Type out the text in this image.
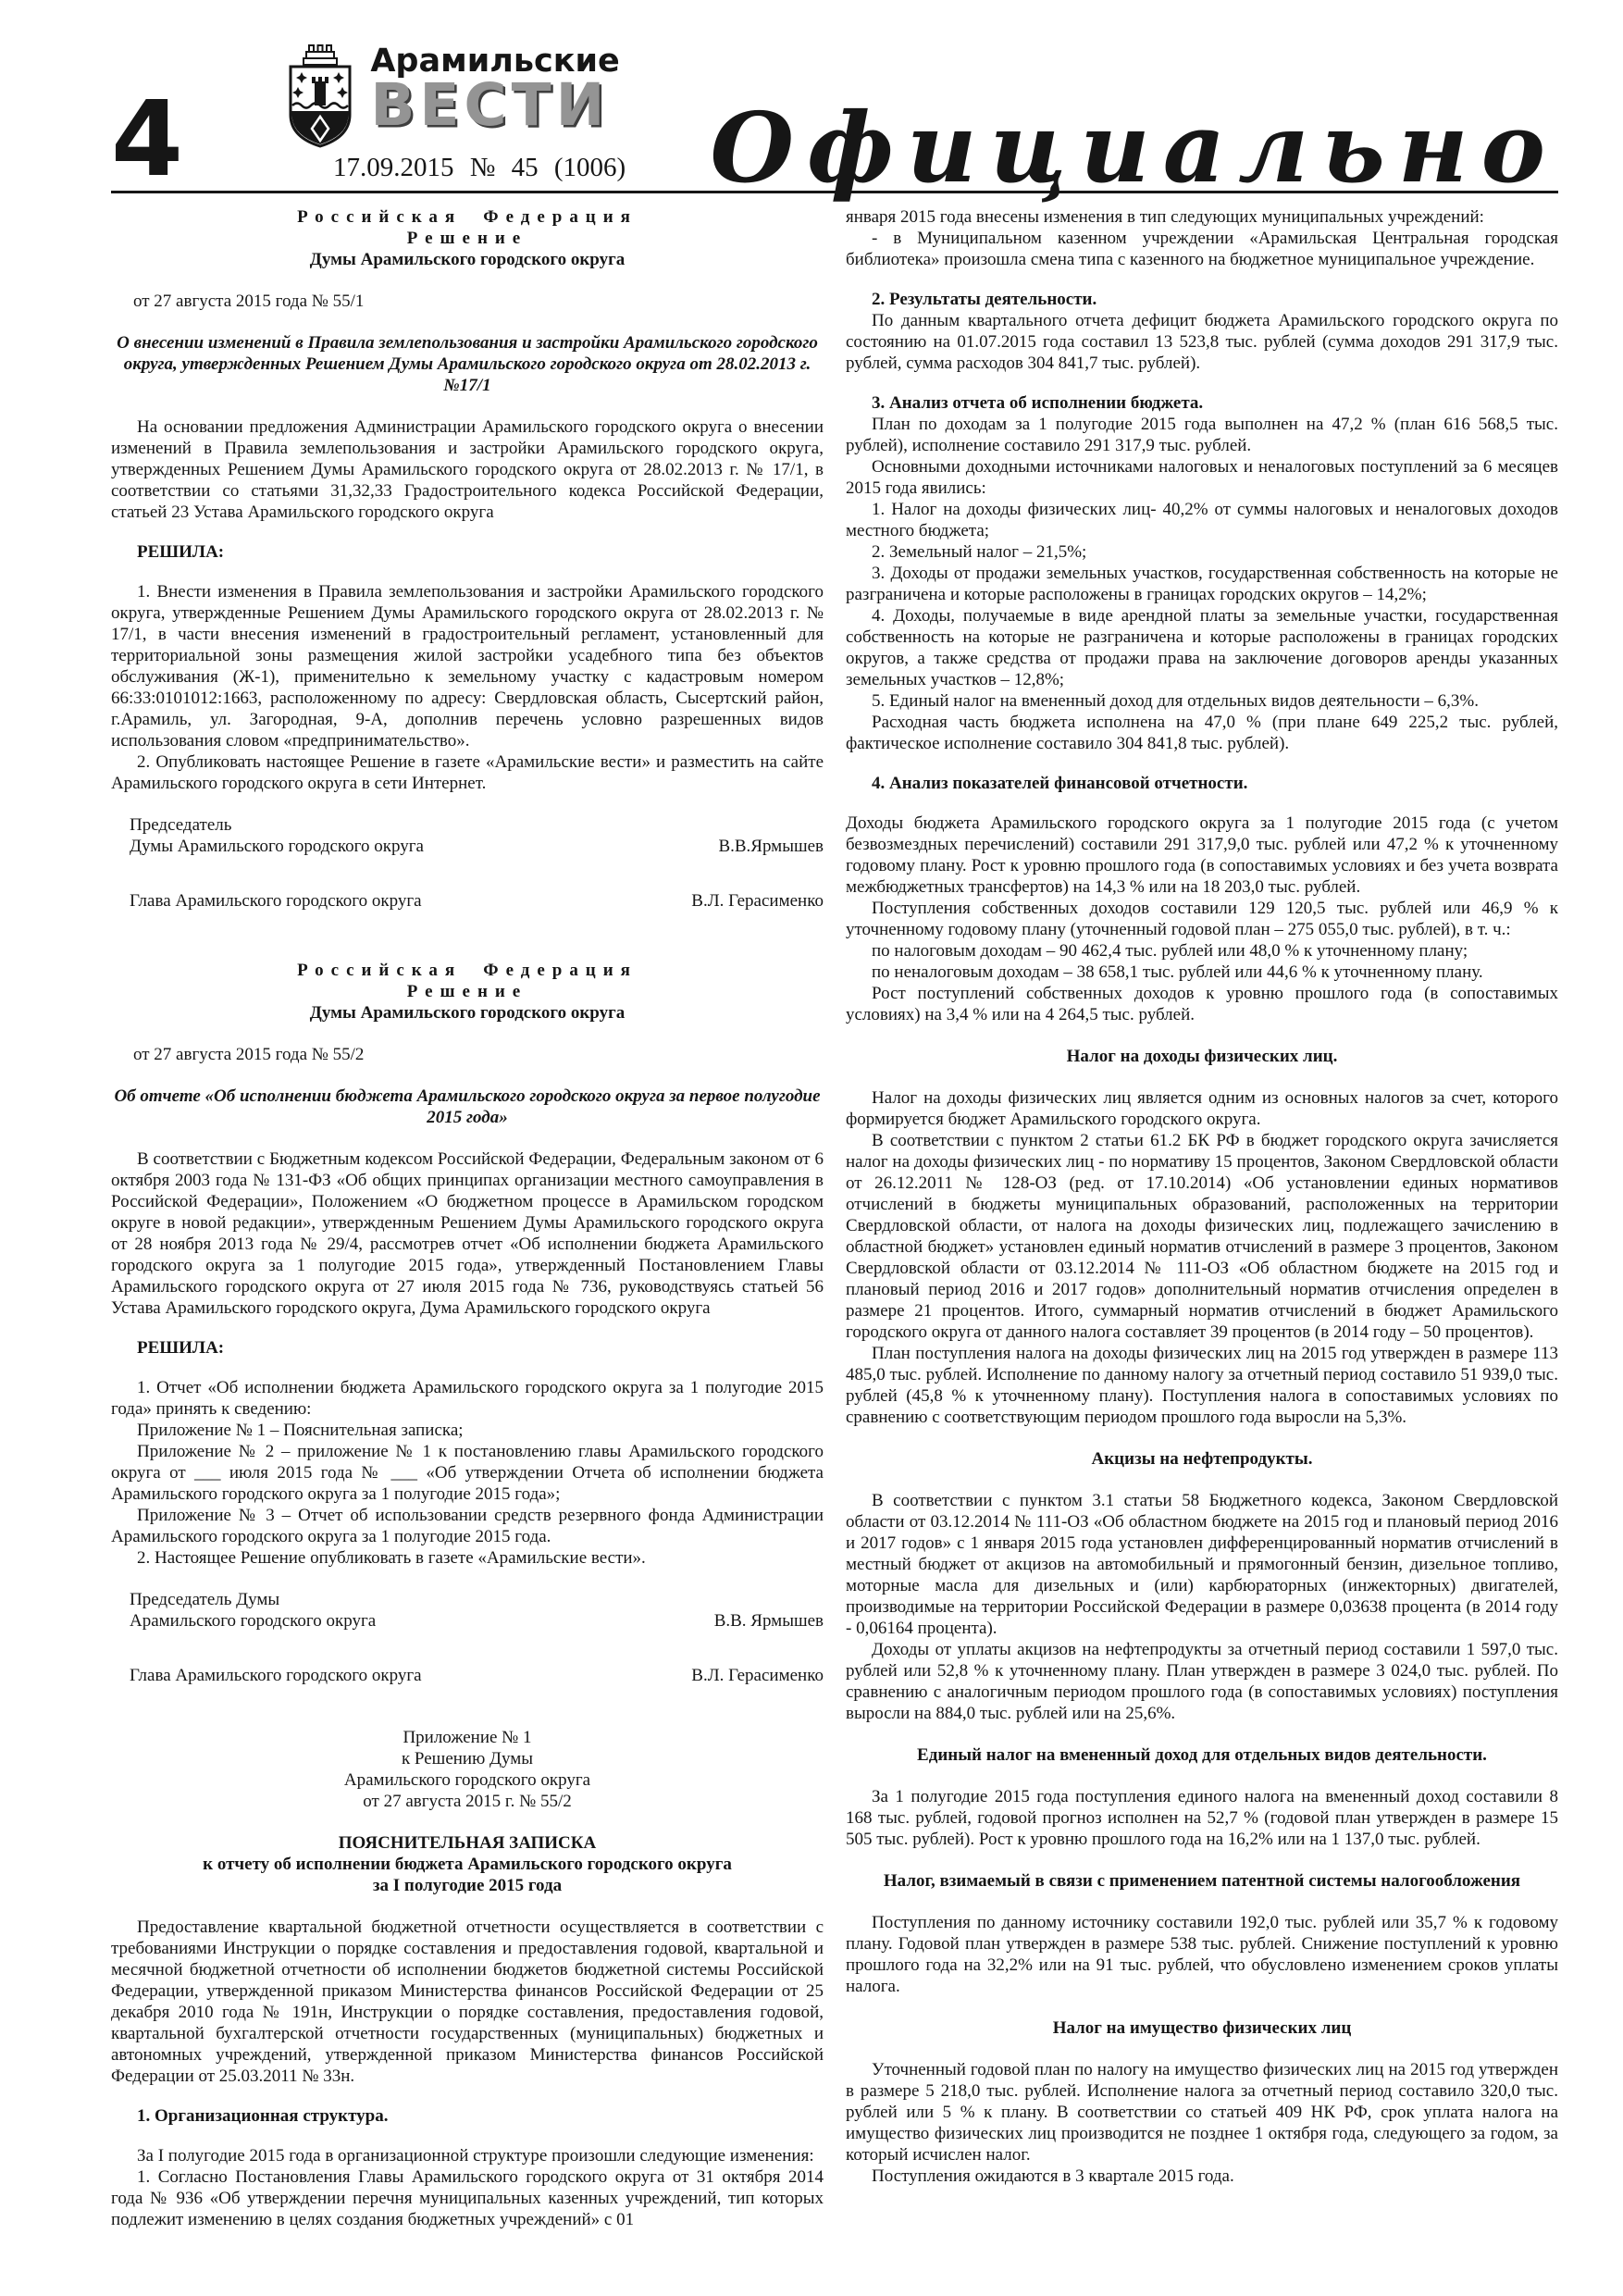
4
Арамильские
ВЕСТИ
17.09.2015 № 45 (1006) Официально
Российская Федерация
Решение
Думы Арамильского городского округа
от 27 августа 2015 года № 55/1
О внесении изменений в Правила землепользования и застройки Арамильского городского округа, утвержденных Решением Думы Арамильского городского округа от 28.02.2013 г. №17/1
На основании предложения Администрации Арамильского городского округа о внесении изменений в Правила землепользования и застройки Арамильского городского округа, утвержденных Решением Думы Арамильского городского округа от 28.02.2013 г. № 17/1, в соответствии со статьями 31,32,33 Градостроительного кодекса Российской Федерации, статьей 23 Устава Арамильского городского округа
РЕШИЛА:
1. Внести изменения в Правила землепользования и застройки Арамильского городского округа, утвержденные Решением Думы Арамильского городского округа от 28.02.2013 г. № 17/1, в части внесения изменений в градостроительный регламент, установленный для территориальной зоны размещения жилой застройки усадебного типа без объектов обслуживания (Ж-1), применительно к земельному участку с кадастровым номером 66:33:0101012:1663, расположенному по адресу: Свердловская область, Сысертский район, г.Арамиль, ул. Загородная, 9-А, дополнив перечень условно разрешенных видов использования словом «предпринимательство».
2. Опубликовать настоящее Решение в газете «Арамильские вести» и разместить на сайте Арамильского городского округа в сети Интернет.
Председатель
Думы Арамильского городского округа	В.В.Ярмышев
Глава Арамильского городского округа	В.Л. Герасименко
Российская Федерация
Решение
Думы Арамильского городского округа
от 27 августа 2015 года № 55/2
Об отчете «Об исполнении бюджета Арамильского городского округа за первое полугодие 2015 года»
В соответствии с Бюджетным кодексом Российской Федерации, Федеральным законом от 6 октября 2003 года № 131-ФЗ «Об общих принципах организации местного самоуправления в Российской Федерации», Положением «О бюджетном процессе в Арамильском городском округе в новой редакции», утвержденным Решением Думы Арамильского городского округа от 28 ноября 2013 года № 29/4, рассмотрев отчет «Об исполнении бюджета Арамильского городского округа за 1 полугодие 2015 года», утвержденный Постановлением Главы Арамильского городского округа от 27 июля 2015 года № 736, руководствуясь статьей 56 Устава Арамильского городского округа, Дума Арамильского городского округа
РЕШИЛА:
1. Отчет «Об исполнении бюджета Арамильского городского округа за 1 полугодие 2015 года» принять к сведению:
Приложение № 1 – Пояснительная записка;
Приложение № 2 – приложение № 1 к постановлению главы Арамильского городского округа от ___ июля 2015 года № ___ «Об утверждении Отчета об исполнении бюджета Арамильского городского округа за 1 полугодие 2015 года»;
Приложение № 3 – Отчет об использовании средств резервного фонда Администрации Арамильского городского округа за 1 полугодие 2015 года.
2. Настоящее Решение опубликовать в газете «Арамильские вести».
Председатель Думы
Арамильского городского округа	В.В. Ярмышев
Глава Арамильского городского округа	В.Л. Герасименко
Приложение № 1
к Решению Думы
Арамильского городского округа
от 27 августа 2015 г. № 55/2
ПОЯСНИТЕЛЬНАЯ ЗАПИСКА
к отчету об исполнении бюджета Арамильского городского округа
за I полугодие 2015 года
Предоставление квартальной бюджетной отчетности осуществляется в соответствии с требованиями Инструкции о порядке составления и предоставления годовой, квартальной и месячной бюджетной отчетности об исполнении бюджетов бюджетной системы Российской Федерации, утвержденной приказом Министерства финансов Российской Федерации от 25 декабря 2010 года № 191н, Инструкции о порядке составления, предоставления годовой, квартальной бухгалтерской отчетности государственных (муниципальных) бюджетных и автономных учреждений, утвержденной приказом Министерства финансов Российской Федерации от 25.03.2011 № 33н.
1. Организационная структура.
За I полугодие 2015 года в организационной структуре произошли следующие изменения:
1. Согласно Постановления Главы Арамильского городского округа от 31 октября 2014 года № 936 «Об утверждении перечня муниципальных казенных учреждений, тип которых подлежит изменению в целях создания бюджетных учреждений» с 01
января 2015 года внесены изменения в тип следующих муниципальных учреждений:
- в Муниципальном казенном учреждении «Арамильская Центральная городская библиотека» произошла смена типа с казенного на бюджетное муниципальное учреждение.
2. Результаты деятельности.
По данным квартального отчета дефицит бюджета Арамильского городского округа по состоянию на 01.07.2015 года составил 13 523,8 тыс. рублей (сумма доходов 291 317,9 тыс. рублей, сумма расходов 304 841,7 тыс. рублей).
3. Анализ отчета об исполнении бюджета.
План по доходам за 1 полугодие 2015 года выполнен на 47,2 % (план 616 568,5 тыс. рублей), исполнение составило 291 317,9 тыс. рублей.
Основными доходными источниками налоговых и неналоговых поступлений за 6 месяцев 2015 года явились:
1. Налог на доходы физических лиц- 40,2% от суммы налоговых и неналоговых доходов местного бюджета;
2. Земельный налог – 21,5%;
3. Доходы от продажи земельных участков, государственная собственность на которые не разграничена и которые расположены в границах городских округов – 14,2%;
4. Доходы, получаемые в виде арендной платы за земельные участки, государственная собственность на которые не разграничена и которые расположены в границах городских округов, а также средства от продажи права на заключение договоров аренды указанных земельных участков – 12,8%;
5. Единый налог на вмененный доход для отдельных видов деятельности – 6,3%.
Расходная часть бюджета исполнена на 47,0 % (при плане 649 225,2 тыс. рублей, фактическое исполнение составило 304 841,8 тыс. рублей).
4. Анализ показателей финансовой отчетности.
Доходы бюджета Арамильского городского округа за 1 полугодие 2015 года (с учетом безвозмездных перечислений) составили 291 317,9,0 тыс. рублей или 47,2 % к уточненному годовому плану. Рост к уровню прошлого года (в сопоставимых условиях и без учета возврата межбюджетных трансфертов) на 14,3 % или на 18 203,0 тыс. рублей.
Поступления собственных доходов составили 129 120,5 тыс. рублей или 46,9 % к уточненному годовому плану (уточненный годовой план – 275 055,0 тыс. рублей), в т. ч.:
по налоговым доходам – 90 462,4 тыс. рублей или 48,0 % к уточненному плану;
по неналоговым доходам – 38 658,1 тыс. рублей или 44,6 % к уточненному плану.
Рост поступлений собственных доходов к уровню прошлого года (в сопоставимых условиях) на 3,4 % или на 4 264,5 тыс. рублей.
Налог на доходы физических лиц.
Налог на доходы физических лиц является одним из основных налогов за счет, которого формируется бюджет Арамильского городского округа.
В соответствии с пунктом 2 статьи 61.2 БК РФ в бюджет городского округа зачисляется налог на доходы физических лиц - по нормативу 15 процентов, Законом Свердловской области от 26.12.2011 № 128-ОЗ (ред. от 17.10.2014) «Об установлении единых нормативов отчислений в бюджеты муниципальных образований, расположенных на территории Свердловской области, от налога на доходы физических лиц, подлежащего зачислению в областной бюджет» установлен единый норматив отчислений в размере 3 процентов, Законом Свердловской области от 03.12.2014 № 111-ОЗ «Об областном бюджете на 2015 год и плановый период 2016 и 2017 годов» дополнительный норматив отчисления определен в размере 21 процентов. Итого, суммарный норматив отчислений в бюджет Арамильского городского округа от данного налога составляет 39 процентов (в 2014 году – 50 процентов).
План поступления налога на доходы физических лиц на 2015 год утвержден в размере 113 485,0 тыс. рублей. Исполнение по данному налогу за отчетный период составило 51 939,0 тыс. рублей (45,8 % к уточненному плану). Поступления налога в сопоставимых условиях по сравнению с соответствующим периодом прошлого года выросли на 5,3%.
Акцизы на нефтепродукты.
В соответствии с пунктом 3.1 статьи 58 Бюджетного кодекса, Законом Свердловской области от 03.12.2014 № 111-ОЗ «Об областном бюджете на 2015 год и плановый период 2016 и 2017 годов» с 1 января 2015 года установлен дифференцированный норматив отчислений в местный бюджет от акцизов на автомобильный и прямогонный бензин, дизельное топливо, моторные масла для дизельных и (или) карбюраторных (инжекторных) двигателей, производимые на территории Российской Федерации в размере 0,03638 процента (в 2014 году - 0,06164 процента).
Доходы от уплаты акцизов на нефтепродукты за отчетный период составили 1 597,0 тыс. рублей или 52,8 % к уточненному плану. План утвержден в размере 3 024,0 тыс. рублей. По сравнению с аналогичным периодом прошлого года (в сопоставимых условиях) поступления выросли на 884,0 тыс. рублей или на 25,6%.
Единый налог на вмененный доход для отдельных видов деятельности.
За 1 полугодие 2015 года поступления единого налога на вмененный доход составили 8 168 тыс. рублей, годовой прогноз исполнен на 52,7 % (годовой план утвержден в размере 15 505 тыс. рублей). Рост к уровню прошлого года на 16,2% или на 1 137,0 тыс. рублей.
Налог, взимаемый в связи с применением патентной системы налогообложения
Поступления по данному источнику составили 192,0 тыс. рублей или 35,7 % к годовому плану. Годовой план утвержден в размере 538 тыс. рублей. Снижение поступлений к уровню прошлого года на 32,2% или на 91 тыс. рублей, что обусловлено изменением сроков уплаты налога.
Налог на имущество физических лиц
Уточненный годовой план по налогу на имущество физических лиц на 2015 год утвержден в размере 5 218,0 тыс. рублей. Исполнение налога за отчетный период составило 320,0 тыс. рублей или 5 % к плану. В соответствии со статьей 409 НК РФ, срок уплата налога на имущество физических лиц производится не позднее 1 октября года, следующего за годом, за который исчислен налог.
Поступления ожидаются в 3 квартале 2015 года.
